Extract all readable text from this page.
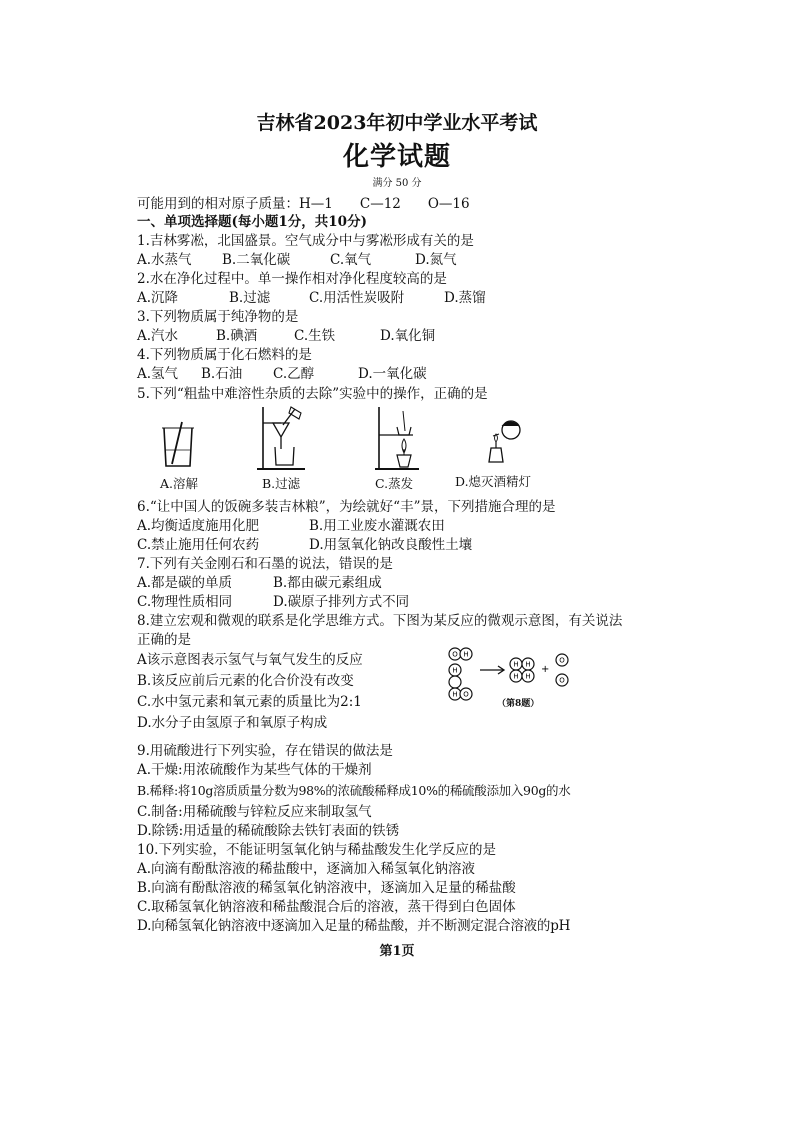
吉林省2023年初中学业水平考试
化学试题
满分 50 分
可能用到的相对原子质量：H—1　　C—12　　O—16
一、单项选择题(每小题1分，共10分)
1.吉林雾凇，北国盛景。空气成分中与雾凇形成有关的是
A.水蒸气 B.二氧化碳	C.氧气	D.氮气
2.水在净化过程中。单一操作相对净化程度较高的是
A.沉降	B.过滤	C.用活性炭吸附	D.蒸馏
3.下列物质属于纯净物的是
A.汽水	B.碘酒	C.生铁	D.氧化铜
4.下列物质属于化石燃料的是
A.氢气 B.石油 C.乙醇	D.一氧化碳
5.下列“粗盐中难溶性杂质的去除”实验中的操作，正确的是
A.溶解	B.过滤	C.蒸发	D.熄灭酒精灯
6.“让中国人的饭碗多装吉林粮”，为绘就好“丰”景，下列措施合理的是
A.均衡适度施用化肥	B.用工业废水灌溉农田
C.禁止施用任何农药	D.用氢氧化钠改良酸性土壤
7.下列有关金刚石和石墨的说法，错误的是
A.都是碳的单质	B.都由碳元素组成
C.物理性质相同	D.碳原子排列方式不同
8.建立宏观和微观的联系是化学思维方式。下图为某反应的微观示意图，有关说法
正确的是
A该示意图表示氢气与氧气发生的反应
B.该反应前后元素的化合价没有改变
C.水中氢元素和氧元素的质量比为2:1
D.水分子由氢原子和氧原子构成
+
O H
H
H O
H H
H H
O
O
（第8题）
9.用硫酸进行下列实验，存在错误的做法是
A.干燥:用浓硫酸作为某些气体的干燥剂
B.稀释:将10g溶质质量分数为98%的浓硫酸稀释成10%的稀硫酸添加入90g的水
C.制备:用稀硫酸与锌粒反应来制取氢气
D.除锈:用适量的稀硫酸除去铁钉表面的铁锈
10.下列实验，不能证明氢氧化钠与稀盐酸发生化学反应的是
A.向滴有酚酞溶液的稀盐酸中，逐滴加入稀氢氧化钠溶液
B.向滴有酚酞溶液的稀氢氧化钠溶液中，逐滴加入足量的稀盐酸
C.取稀氢氧化钠溶液和稀盐酸混合后的溶液，蒸干得到白色固体
D.向稀氢氧化钠溶液中逐滴加入足量的稀盐酸，并不断测定混合溶液的pH
第1页
